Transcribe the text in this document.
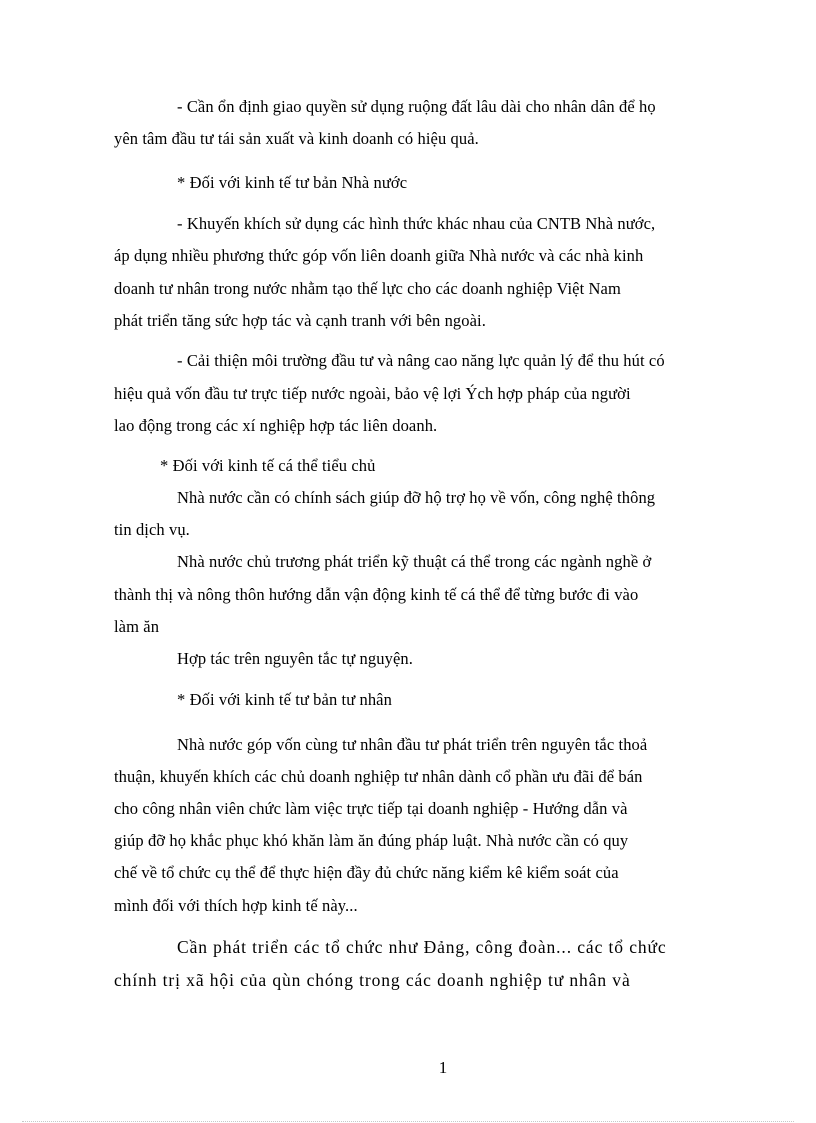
- Cần ổn định giao quyền sử dụng ruộng đất lâu dài cho nhân dân để họ
yên tâm đầu tư tái sản xuất và kinh doanh có hiệu quả.
* Đối với kinh tế tư bản Nhà nước
- Khuyến khích sử dụng các hình thức khác nhau của CNTB Nhà nước,
áp dụng nhiều phương thức góp vốn liên doanh giữa Nhà nước và các nhà kinh
doanh tư nhân trong nước nhằm tạo thế lực cho các doanh nghiệp Việt Nam
phát triển tăng sức hợp tác và cạnh tranh với bên ngoài.
- Cải thiện môi trường đầu tư và nâng cao năng lực quản lý để thu hút có
hiệu quả vốn đầu tư trực tiếp nước ngoài, bảo vệ lợi Ých hợp pháp của người
lao động trong các xí nghiệp hợp tác liên doanh.
* Đối với kinh tế cá thể tiểu chủ
Nhà nước cần có chính sách giúp đỡ hộ trợ họ về vốn, công nghệ thông
tin dịch vụ.
Nhà nước chủ trương phát triển kỹ thuật cá thể trong các ngành nghề ở
thành thị và nông thôn hướng dẫn vận động kinh tế cá thể để từng bước đi vào
làm ăn
Hợp tác trên nguyên tắc tự nguyện.
* Đối với kinh tế tư bản tư nhân
Nhà nước góp vốn cùng tư nhân đầu tư phát triển trên nguyên tắc thoả
thuận, khuyến khích các chủ doanh nghiệp tư nhân dành cổ phần ưu đãi để bán
cho công nhân viên chức làm việc trực tiếp tại doanh nghiệp - Hướng dẫn và
giúp đỡ họ khắc phục khó khăn làm ăn đúng pháp luật. Nhà nước cần có quy
chế về tổ chức cụ thể để thực hiện đầy đủ chức năng kiểm kê kiểm soát của
mình đối với thích hợp kinh tế này...
Cần phát triển các tổ chức như Đảng, công đoàn... các tổ chức
chính trị xã hội của qùn chóng trong các doanh nghiệp tư nhân và
1
